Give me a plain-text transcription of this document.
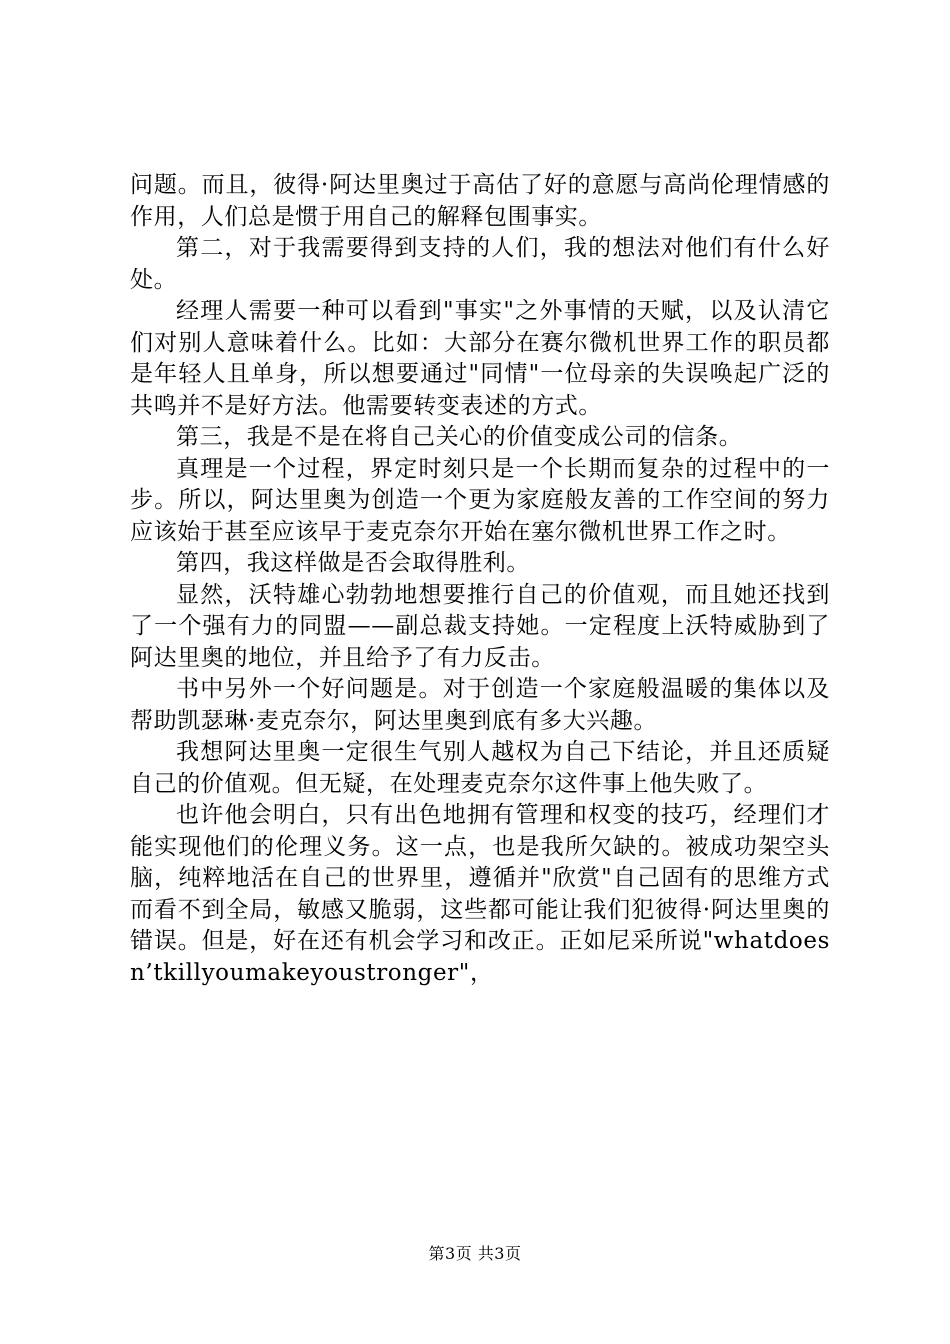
问题。而且，彼得·阿达里奥过于高估了好的意愿与高尚伦理情感的作用，人们总是惯于用自己的解释包围事实。

第二，对于我需要得到支持的人们，我的想法对他们有什么好处。

经理人需要一种可以看到"事实"之外事情的天赋，以及认清它们对别人意味着什么。比如：大部分在赛尔微机世界工作的职员都是年轻人且单身，所以想要通过"同情"一位母亲的失误唤起广泛的共鸣并不是好方法。他需要转变表述的方式。

第三，我是不是在将自己关心的价值变成公司的信条。

真理是一个过程，界定时刻只是一个长期而复杂的过程中的一步。所以，阿达里奥为创造一个更为家庭般友善的工作空间的努力应该始于甚至应该早于麦克奈尔开始在塞尔微机世界工作之时。

第四，我这样做是否会取得胜利。

显然，沃特雄心勃勃地想要推行自己的价值观，而且她还找到了一个强有力的同盟——副总裁支持她。一定程度上沃特威胁到了阿达里奥的地位，并且给予了有力反击。

书中另外一个好问题是。对于创造一个家庭般温暖的集体以及帮助凯瑟琳·麦克奈尔，阿达里奥到底有多大兴趣。

我想阿达里奥一定很生气别人越权为自己下结论，并且还质疑自己的价值观。但无疑，在处理麦克奈尔这件事上他失败了。

也许他会明白，只有出色地拥有管理和权变的技巧，经理们才能实现他们的伦理义务。这一点，也是我所欠缺的。被成功架空头脑，纯粹地活在自己的世界里，遵循并"欣赏"自己固有的思维方式而看不到全局，敏感又脆弱，这些都可能让我们犯彼得·阿达里奥的错误。但是，好在还有机会学习和改正。正如尼采所说"whatdoesn’tkillyoumakeyoustronger"，

第3页 共3页
